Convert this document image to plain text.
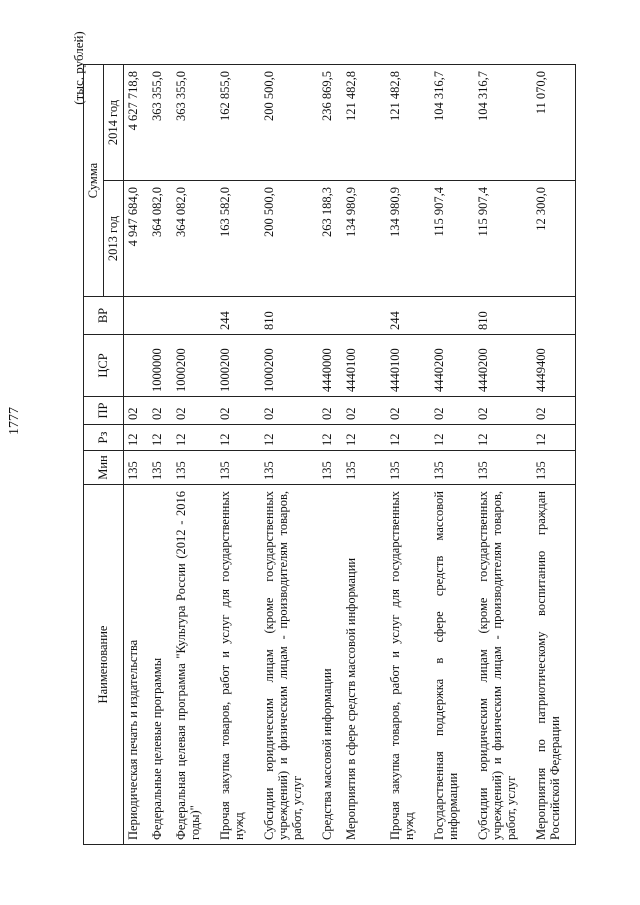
1777
(тыс. рублей)
Наименование	Мин	Рз	ПР	ЦСР	ВР	Сумма	
						2013 год	2014 год
Периодическая печать и издательства	135	12	02			4 947 684,0	4 627 718,8
Федеральные целевые программы	135	12	02	1000000		364 082,0	363 355,0
Федеральная целевая программа "Культура России (2012 - 2016 годы)"	135	12	02	1000200		364 082,0	363 355,0
Прочая закупка товаров, работ и услуг для государственных нужд	135	12	02	1000200	244	163 582,0	162 855,0
Субсидии юридическим лицам (кроме государственных учреждений) и физическим лицам - производителям товаров, работ, услуг	135	12	02	1000200	810	200 500,0	200 500,0
Средства массовой информации	135	12	02	4440000		263 188,3	236 869,5
Мероприятия в сфере средств массовой информации	135	12	02	4440100		134 980,9	121 482,8
Прочая закупка товаров, работ и услуг для государственных нужд	135	12	02	4440100	244	134 980,9	121 482,8
Государственная поддержка в сфере средств массовой информации	135	12	02	4440200		115 907,4	104 316,7
Субсидии юридическим лицам (кроме государственных учреждений) и физическим лицам - производителям товаров, работ, услуг	135	12	02	4440200	810	115 907,4	104 316,7
Мероприятия по патриотическому воспитанию граждан Российской Федерации	135	12	02	4449400		12 300,0	11 070,0
